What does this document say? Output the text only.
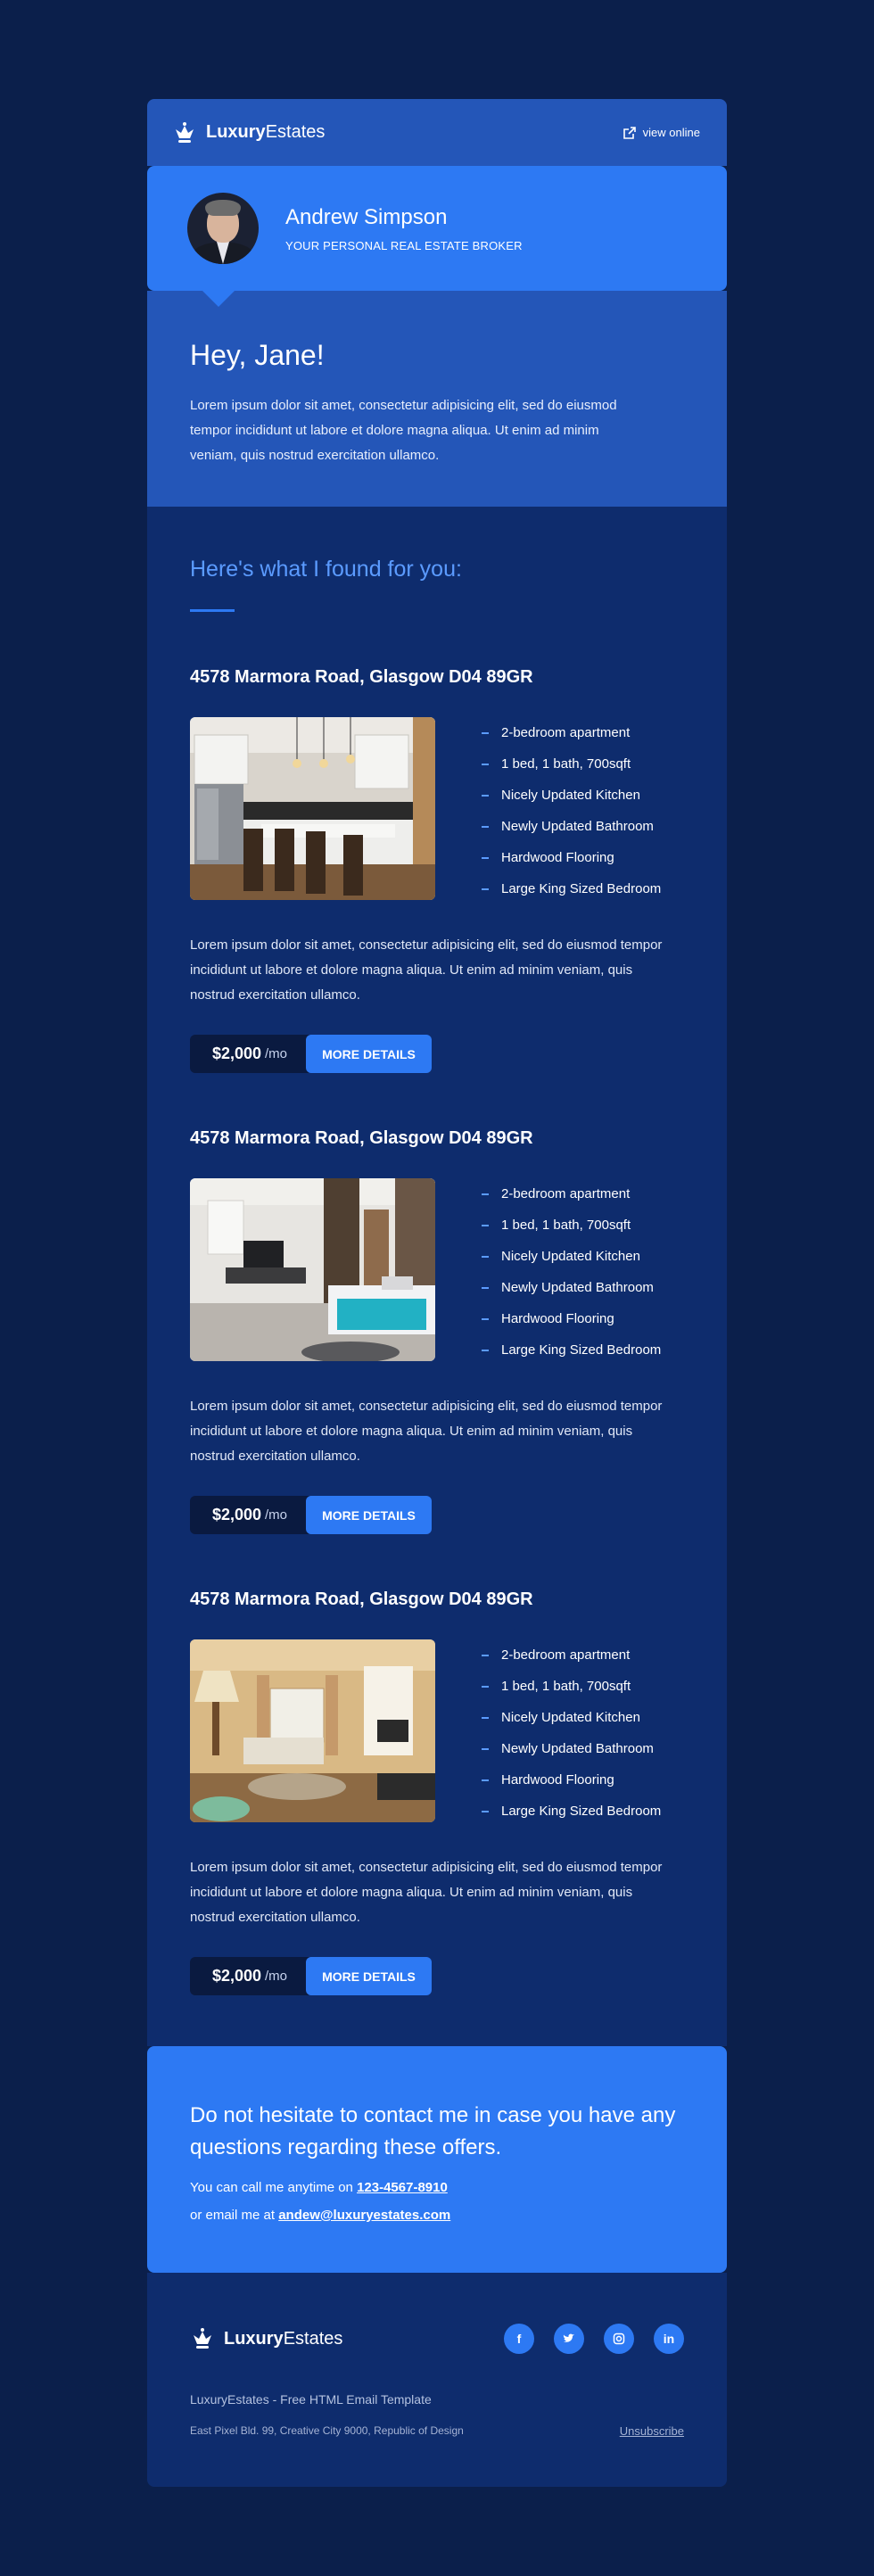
LuxuryEstates	view online
Andrew Simpson
YOUR PERSONAL REAL ESTATE BROKER
Hey, Jane!

Lorem ipsum dolor sit amet, consectetur adipisicing elit, sed do eiusmod tempor incididunt ut labore et dolore magna aliqua. Ut enim ad minim veniam, quis nostrud exercitation ullamco.

Here's what I found for you:
4578 Marmora Road, Glasgow D04 89GR
2-bedroom apartment
1 bed, 1 bath, 700sqft
Nicely Updated Kitchen
Newly Updated Bathroom
Hardwood Flooring
Large King Sized Bedroom

Lorem ipsum dolor sit amet, consectetur adipisicing elit, sed do eiusmod tempor incididunt ut labore et dolore magna aliqua. Ut enim ad minim veniam, quis nostrud exercitation ullamco.

$2,000 /mo	MORE DETAILS
4578 Marmora Road, Glasgow D04 89GR
2-bedroom apartment
1 bed, 1 bath, 700sqft
Nicely Updated Kitchen
Newly Updated Bathroom
Hardwood Flooring
Large King Sized Bedroom

Lorem ipsum dolor sit amet, consectetur adipisicing elit, sed do eiusmod tempor incididunt ut labore et dolore magna aliqua. Ut enim ad minim veniam, quis nostrud exercitation ullamco.

$2,000 /mo	MORE DETAILS
4578 Marmora Road, Glasgow D04 89GR
2-bedroom apartment
1 bed, 1 bath, 700sqft
Nicely Updated Kitchen
Newly Updated Bathroom
Hardwood Flooring
Large King Sized Bedroom

Lorem ipsum dolor sit amet, consectetur adipisicing elit, sed do eiusmod tempor incididunt ut labore et dolore magna aliqua. Ut enim ad minim veniam, quis nostrud exercitation ullamco.

$2,000 /mo	MORE DETAILS
Do not hesitate to contact me in case you have any questions regarding these offers.

You can call me anytime on 123-4567-8910

or email me at andew@luxuryestates.com

LuxuryEstates	f	in
LuxuryEstates - Free HTML Email Template
East Pixel Bld. 99, Creative City 9000, Republic of Design	Unsubscribe
